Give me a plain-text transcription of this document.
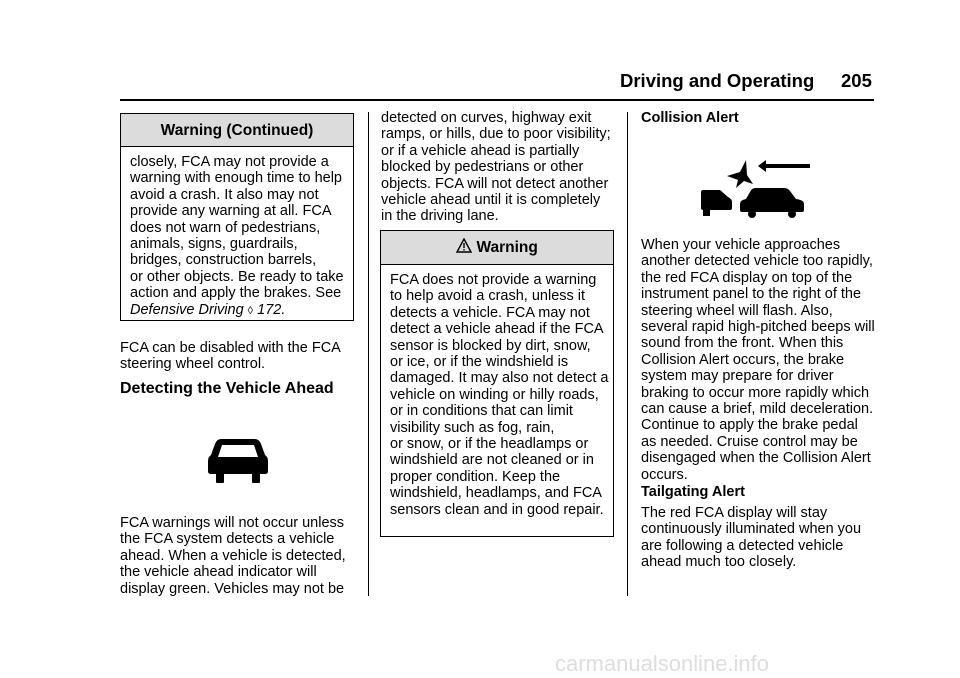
Driving and Operating 205
Warning (Continued)
closely, FCA may not provide a
warning with enough time to help
avoid a crash. It also may not
provide any warning at all. FCA
does not warn of pedestrians,
animals, signs, guardrails,
bridges, construction barrels,
or other objects. Be ready to take
action and apply the brakes. See
Defensive Driving ◊ 172.
FCA can be disabled with the FCA
steering wheel control.
Detecting the Vehicle Ahead
FCA warnings will not occur unless
the FCA system detects a vehicle
ahead. When a vehicle is detected,
the vehicle ahead indicator will
display green. Vehicles may not be
detected on curves, highway exit
ramps, or hills, due to poor visibility;
or if a vehicle ahead is partially
blocked by pedestrians or other
objects. FCA will not detect another
vehicle ahead until it is completely
in the driving lane.
Warning
FCA does not provide a warning
to help avoid a crash, unless it
detects a vehicle. FCA may not
detect a vehicle ahead if the FCA
sensor is blocked by dirt, snow,
or ice, or if the windshield is
damaged. It may also not detect a
vehicle on winding or hilly roads,
or in conditions that can limit
visibility such as fog, rain,
or snow, or if the headlamps or
windshield are not cleaned or in
proper condition. Keep the
windshield, headlamps, and FCA
sensors clean and in good repair.
Collision Alert
When your vehicle approaches
another detected vehicle too rapidly,
the red FCA display on top of the
instrument panel to the right of the
steering wheel will flash. Also,
several rapid high-pitched beeps will
sound from the front. When this
Collision Alert occurs, the brake
system may prepare for driver
braking to occur more rapidly which
can cause a brief, mild deceleration.
Continue to apply the brake pedal
as needed. Cruise control may be
disengaged when the Collision Alert
occurs.
Tailgating Alert
The red FCA display will stay
continuously illuminated when you
are following a detected vehicle
ahead much too closely.
carmanualsonline.info
